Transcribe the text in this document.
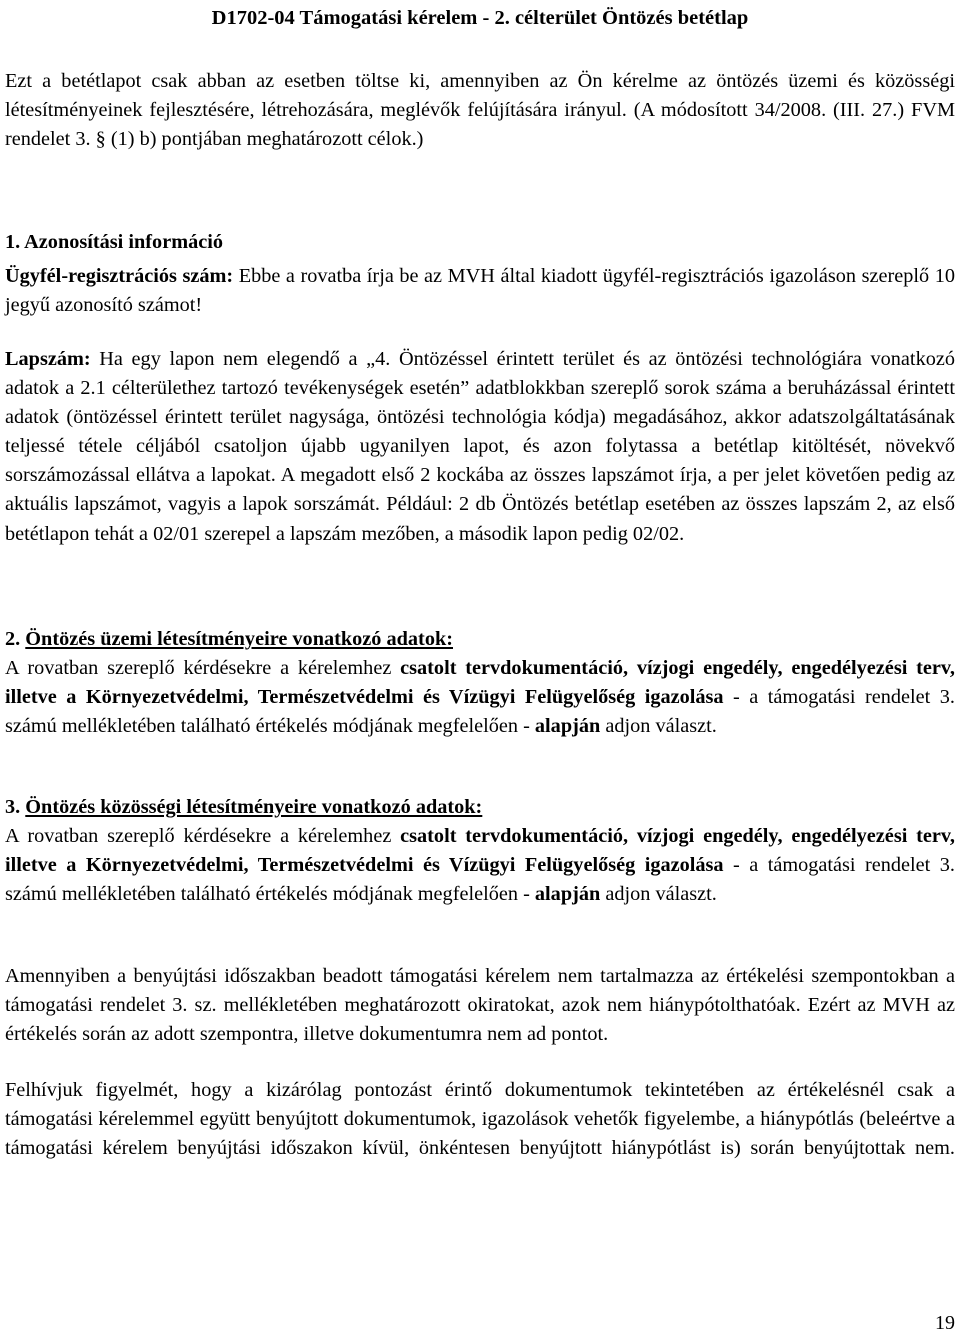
D1702-04 Támogatási kérelem - 2. célterület Öntözés betétlap

Ezt a betétlapot csak abban az esetben töltse ki, amennyiben az Ön kérelme az öntözés üzemi és közösségi létesítményeinek fejlesztésére, létrehozására, meglévők felújítására irányul. (A módosított 34/2008. (III. 27.) FVM rendelet 3. § (1) b) pontjában meghatározott célok.)

1. Azonosítási információ

Ügyfél-regisztrációs szám: Ebbe a rovatba írja be az MVH által kiadott ügyfél-regisztrációs igazoláson szereplő 10 jegyű azonosító számot!

Lapszám: Ha egy lapon nem elegendő a „4. Öntözéssel érintett terület és az öntözési technológiára vonatkozó adatok a 2.1 célterülethez tartozó tevékenységek esetén” adatblokkban szereplő sorok száma a beruházással érintett adatok (öntözéssel érintett terület nagysága, öntözési technológia kódja) megadásához, akkor adatszolgáltatásának teljessé tétele céljából csatoljon újabb ugyanilyen lapot, és azon folytassa a betétlap kitöltését, növekvő sorszámozással ellátva a lapokat. A megadott első 2 kockába az összes lapszámot írja, a per jelet követően pedig az aktuális lapszámot, vagyis a lapok sorszámát. Például: 2 db Öntözés betétlap esetében az összes lapszám 2, az első betétlapon tehát a 02/01 szerepel a lapszám mezőben, a második lapon pedig 02/02.

2. Öntözés üzemi létesítményeire vonatkozó adatok:
A rovatban szereplő kérdésekre a kérelemhez csatolt tervdokumentáció, vízjogi engedély, engedélyezési terv, illetve a Környezetvédelmi, Természetvédelmi és Vízügyi Felügyelőség igazolása - a támogatási rendelet 3. számú mellékletében található értékelés módjának megfelelően - alapján adjon választ.

3. Öntözés közösségi létesítményeire vonatkozó adatok:
A rovatban szereplő kérdésekre a kérelemhez csatolt tervdokumentáció, vízjogi engedély, engedélyezési terv, illetve a Környezetvédelmi, Természetvédelmi és Vízügyi Felügyelőség igazolása - a támogatási rendelet 3. számú mellékletében található értékelés módjának megfelelően - alapján adjon választ.

Amennyiben a benyújtási időszakban beadott támogatási kérelem nem tartalmazza az értékelési szempontokban a támogatási rendelet 3. sz. mellékletében meghatározott okiratokat, azok nem hiánypótolthatóak. Ezért az MVH az értékelés során az adott szempontra, illetve dokumentumra nem ad pontot.

Felhívjuk figyelmét, hogy a kizárólag pontozást érintő dokumentumok tekintetében az értékelésnél csak a támogatási kérelemmel együtt benyújtott dokumentumok, igazolások vehetők figyelembe, a hiánypótlás (beleértve a támogatási kérelem benyújtási időszakon kívül, önkéntesen benyújtott hiánypótlást is) során benyújtottak nem.

19
